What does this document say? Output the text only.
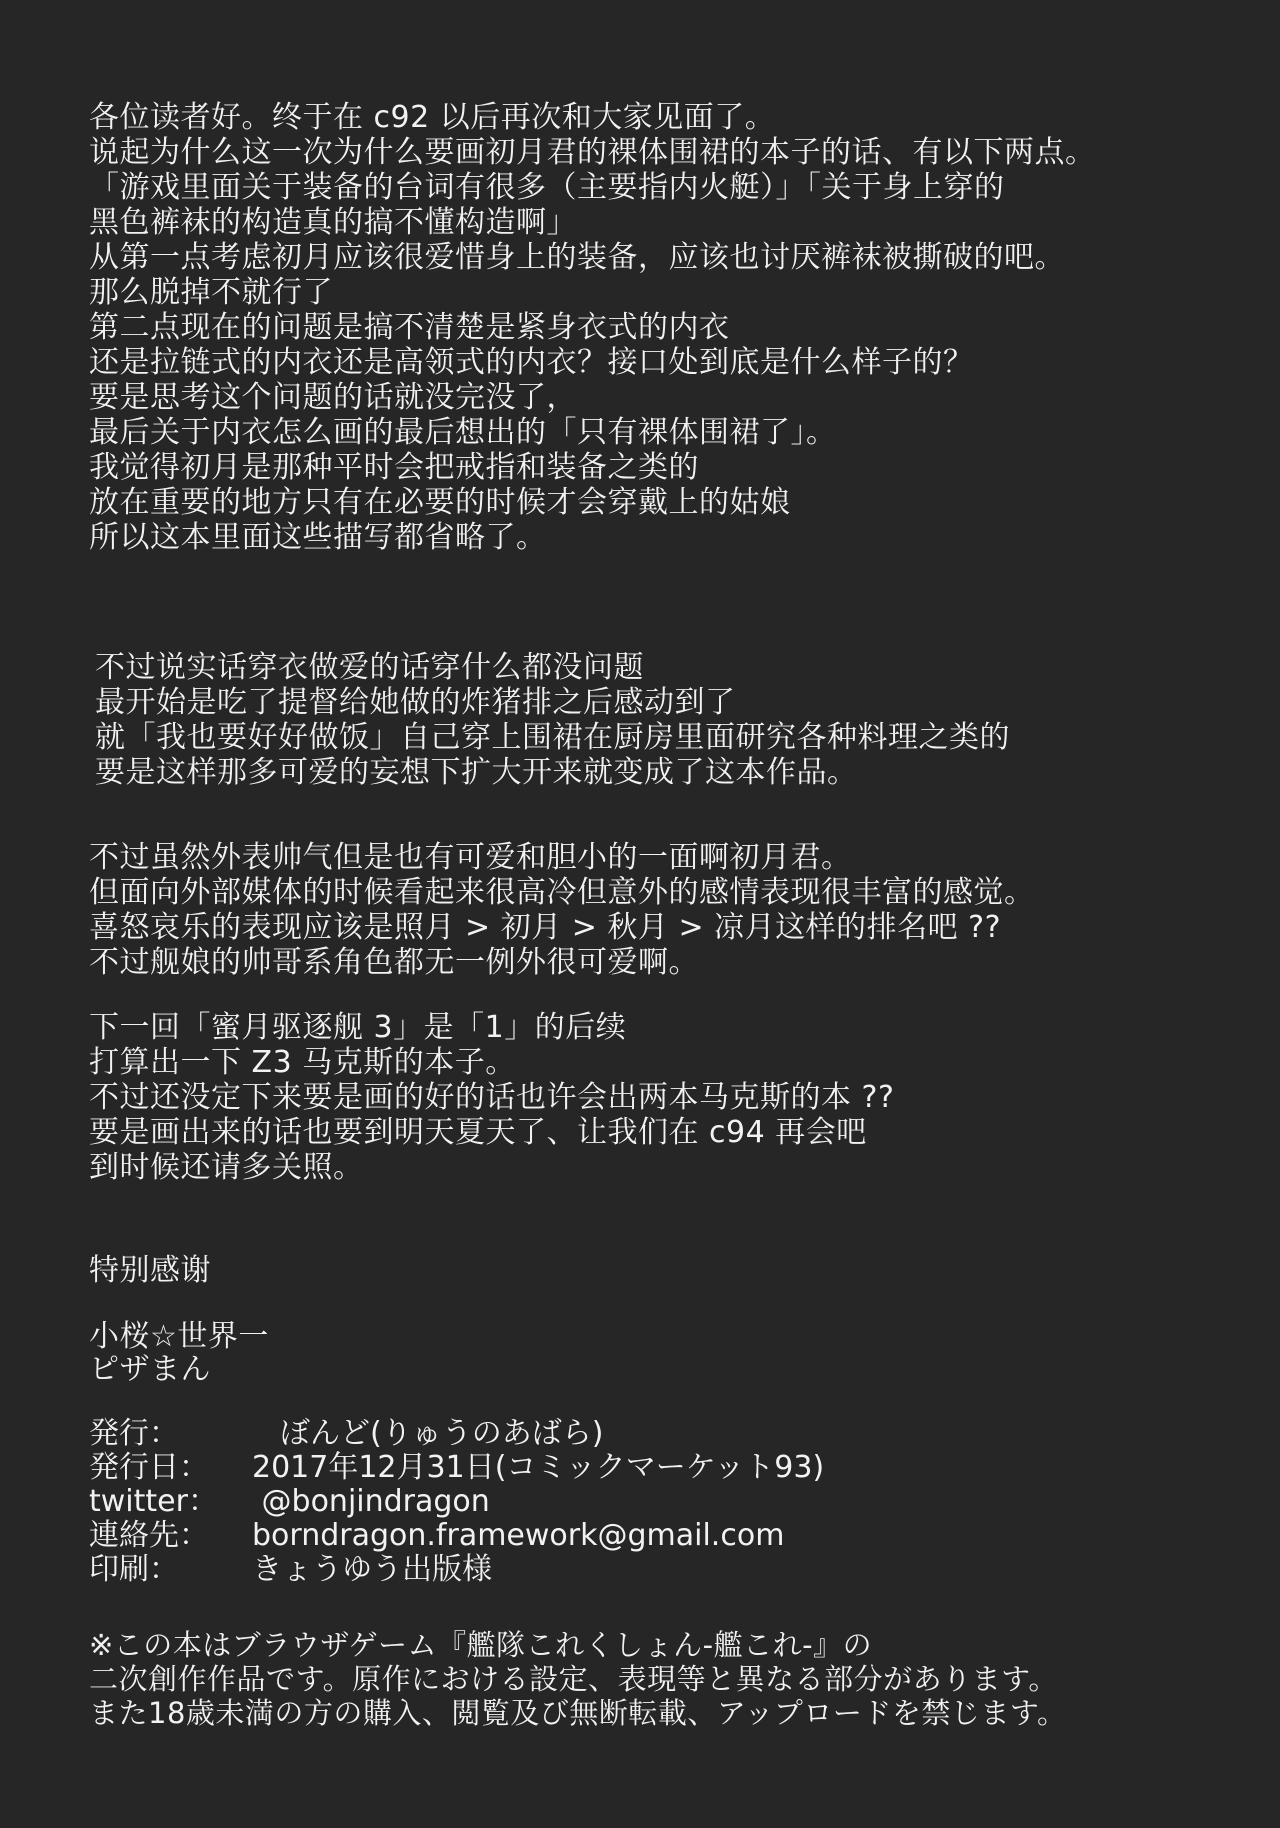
各位读者好。终于在 c92 以后再次和大家见面了。
说起为什么这一次为什么要画初月君的裸体围裙的本子的话、有以下两点。
「游戏里面关于装备的台词有很多（主要指内火艇）」「关于身上穿的
黑色裤袜的构造真的搞不懂构造啊」
从第一点考虑初月应该很爱惜身上的装备，应该也讨厌裤袜被撕破的吧。
那么脱掉不就行了
第二点现在的问题是搞不清楚是紧身衣式的内衣
还是拉链式的内衣还是高领式的内衣？接口处到底是什么样子的？
要是思考这个问题的话就没完没了，
最后关于内衣怎么画的最后想出的「只有裸体围裙了」。
我觉得初月是那种平时会把戒指和装备之类的
放在重要的地方只有在必要的时候才会穿戴上的姑娘
所以这本里面这些描写都省略了。
不过说实话穿衣做爱的话穿什么都没问题
最开始是吃了提督给她做的炸猪排之后感动到了
就「我也要好好做饭」自己穿上围裙在厨房里面研究各种料理之类的
要是这样那多可爱的妄想下扩大开来就变成了这本作品。
不过虽然外表帅气但是也有可爱和胆小的一面啊初月君。
但面向外部媒体的时候看起来很高冷但意外的感情表现很丰富的感觉。
喜怒哀乐的表现应该是照月 > 初月 > 秋月 > 凉月这样的排名吧 ??
不过舰娘的帅哥系角色都无一例外很可爱啊。
下一回「蜜月驱逐舰 3」是「1」的后续
打算出一下 Z3 马克斯的本子。
不过还没定下来要是画的好的话也许会出两本马克斯的本 ??
要是画出来的话也要到明天夏天了、让我们在 c94 再会吧
到时候还请多关照。
特别感谢
小桜☆世界一
ピザまん
発行：	ぼんど(りゅうのあばら)
発行日：	2017年12月31日(コミックマーケット93)
twitter：	@bonjindragon
連絡先：	borndragon.framework@gmail.com
印刷：	きょうゆう出版様
※この本はブラウザゲーム『艦隊これくしょん-艦これ-』の
二次創作作品です。原作における設定、表現等と異なる部分があります。
また18歳未満の方の購入、閲覧及び無断転載、アップロードを禁じます。
